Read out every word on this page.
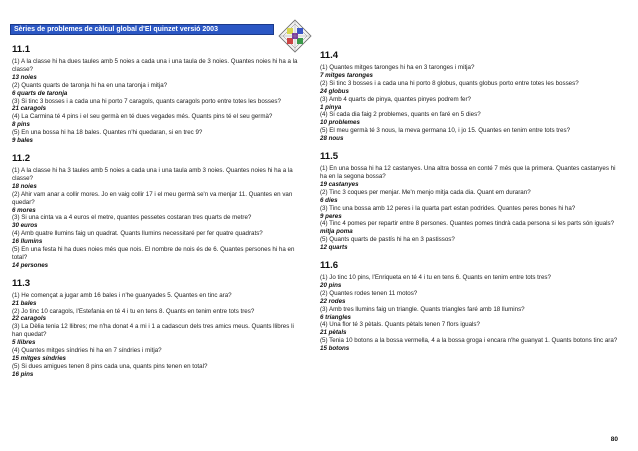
Sèries de problemes de càlcul global d'El quinzet versió 2003
11.1

(1) A la classe hi ha dues taules amb 5 noies a cada una i una taula de 3 noies. Quantes noies hi ha a la classe?

13 noies

(2) Quants quarts de taronja hi ha en una taronja i mitja?

6 quarts de taronja

(3) Si tinc 3 bosses i a cada una hi porto 7 caragols, quants caragols porto entre totes les bosses?

21 caragols

(4) La Carmina té 4 pins i el seu germà en té dues vegades més. Quants pins té el seu germà?

8 pins

(5) En una bossa hi ha 18 bales. Quantes n'hi quedaran, si en trec 9?

9 bales

11.2

(1) A la classe hi ha 3 taules amb 5 noies a cada una i una taula amb 3 noies. Quantes noies hi ha a la classe?

18 noies

(2) Ahir vam anar a collir mores. Jo en vaig collir 17 i el meu germà se'n va menjar 11. Quantes en van quedar?

6 mores

(3) Si una cinta va a 4 euros el metre, quantes pessetes costaran tres quarts de metre?

30 euros

(4) Amb quatre llumins faig un quadrat. Quants llumins necessitaré per fer quatre quadrats?

16 llumins

(5) En una festa hi ha dues noies més que nois. El nombre de nois és de 6. Quantes persones hi ha en total?

14 persones

11.3

(1) He començat a jugar amb 16 bales i n'he guanyades 5. Quantes en tinc ara?

21 bales

(2) Jo tinc 10 caragols, l'Estefania en té 4 i tu en tens 8. Quants en tenim entre tots tres?

22 caragols

(3) La Dèlia tenia 12 llibres; me n'ha donat 4 a mi i 1 a cadascun dels tres amics meus. Quants llibres li han quedat?

5 llibres

(4) Quantes mitges síndries hi ha en 7 síndries i mitja?

15 mitges síndries

(5) Si dues amigues tenen 8 pins cada una, quants pins tenen en total?

16 pins

11.4

(1) Quantes mitges taronges hi ha en 3 taronges i mitja?

7 mitges taronges

(2) Si tinc 3 bosses i a cada una hi porto 8 globus, quants globus porto entre totes les bosses?

24 globus

(3) Amb 4 quarts de pinya, quantes pinyes podrem fer?

1 pinya

(4) Si cada dia faig 2 problemes, quants en faré en 5 dies?

10 problemes

(5) El meu germà té 3 nous, la meva germana 10, i jo 15. Quantes en tenim entre tots tres?

28 nous

11.5

(1) En una bossa hi ha 12 castanyes. Una altra bossa en conté 7 més que la primera. Quantes castanyes hi ha en la segona bossa?

19 castanyes

(2) Tinc 3 coques per menjar. Me'n menjo mitja cada dia. Quant em duraran?

6 dies

(3) Tinc una bossa amb 12 peres i la quarta part estan podrides. Quantes peres bones hi ha?

9 peres

(4) Tinc 4 pomes per repartir entre 8 persones. Quantes pomes tindrà cada persona si les parts són iguals?

mitja poma

(5) Quants quarts de pastís hi ha en 3 pastissos?

12 quarts

11.6

(1) Jo tinc 10 pins, l'Enriqueta en té 4 i tu en tens 6. Quants en tenim entre tots tres?

20 pins

(2) Quantes rodes tenen 11 motos?

22 rodes

(3) Amb tres llumins faig un triangle. Quants triangles faré amb 18 llumins?

6 triangles

(4) Una flor té 3 pètals. Quants pètals tenen 7 flors iguals?

21 pètals

(5) Tenia 10 botons a la bossa vermella, 4 a la bossa groga i encara n'he guanyat 1. Quants botons tinc ara?

15 botons

80
